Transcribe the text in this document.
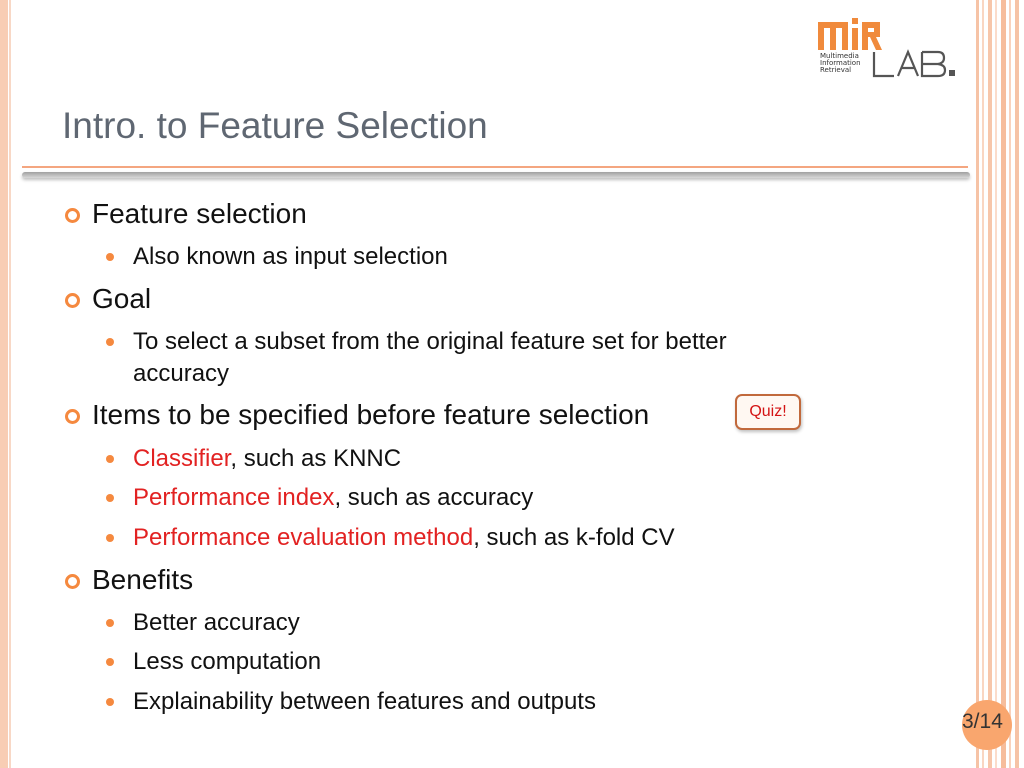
Multimedia
Information
Retrieval
Intro. to Feature Selection
Feature selection
Also known as input selection
Goal
To select a subset from the original feature set for better
accuracy
Items to be specified before feature selection
Classifier, such as KNNC
Performance index, such as accuracy
Performance evaluation method, such as k-fold CV
Benefits
Better accuracy
Less computation
Explainability between features and outputs
Quiz!
3/14
